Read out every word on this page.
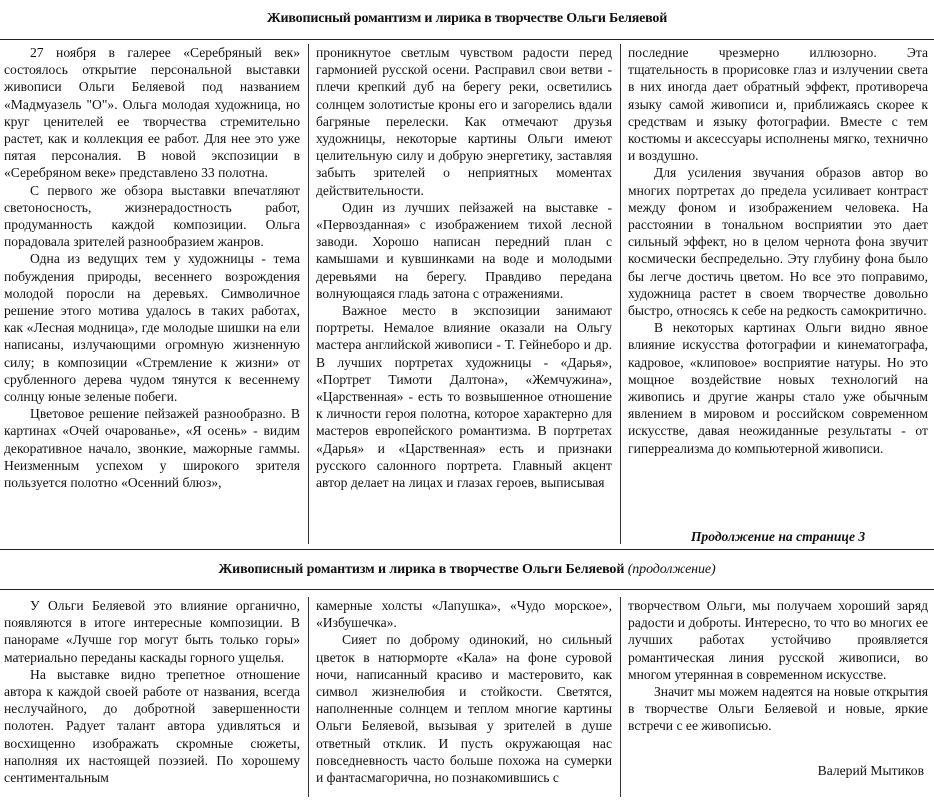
Живописный романтизм и лирика в творчестве Ольги Беляевой

27 ноября в галерее «Серебряный век» состоялось открытие персональной выставки живописи Ольги Беляевой под названием «Мадмуазель "О"». Ольга молодая художница, но круг ценителей ее творчества стремительно растет, как и коллекция ее работ. Для нее это уже пятая персоналия. В новой экспозиции в «Серебряном веке» представлено 33 полотна.

С первого же обзора выставки впечатляют светоносность, жизнерадостность работ, продуманность каждой композиции. Ольга порадовала зрителей разнообразием жанров.

Одна из ведущих тем у художницы - тема побуждения природы, весеннего возрождения молодой поросли на деревьях. Символичное решение этого мотива удалось в таких работах, как «Лесная модница», где молодые шишки на ели написаны, излучающими огромную жизненную силу; в композиции «Стремление к жизни» от срубленного дерева чудом тянутся к весеннему солнцу юные зеленые побеги.

Цветовое решение пейзажей разнообразно. В картинах «Очей очарованье», «Я осень» - видим декоративное начало, звонкие, мажорные гаммы. Неизменным успехом у широкого зрителя пользуется полотно «Осенний блюз»,

проникнутое светлым чувством радости перед гармонией русской осени. Расправил свои ветви - плечи крепкий дуб на берегу реки, осветились солнцем золотистые кроны его и загорелись вдали багряные перелески. Как отмечают друзья художницы, некоторые картины Ольги имеют целительную силу и добрую энергетику, заставляя забыть зрителей о неприятных моментах действительности.

Один из лучших пейзажей на выставке - «Первозданная» с изображением тихой лесной заводи. Хорошо написан передний план с камышами и кувшинками на воде и молодыми деревьями на берегу. Правдиво передана волнующаяся гладь затона с отражениями.

Важное место в экспозиции занимают портреты. Немалое влияние оказали на Ольгу мастера английской живописи - Т. Гейнеборо и др. В лучших портретах художницы - «Дарья», «Портрет Тимоти Далтона», «Жемчужина», «Царственная» - есть то возвышенное отношение к личности героя полотна, которое характерно для мастеров европейского романтизма. В портретах «Дарья» и «Царственная» есть и признаки русского салонного портрета. Главный акцент автор делает на лицах и глазах героев, выписывая

последние чрезмерно иллюзорно. Эта тщательность в прорисовке глаз и излучении света в них иногда дает обратный эффект, противореча языку самой живописи и, приближаясь скорее к средствам и языку фотографии. Вместе с тем костюмы и аксессуары исполнены мягко, технично и воздушно.

Для усиления звучания образов автор во многих портретах до предела усиливает контраст между фоном и изображением человека. На расстоянии в тональном восприятии это дает сильный эффект, но в целом чернота фона звучит космически беспредельно. Эту глубину фона было бы легче достичь цветом. Но все это поправимо, художница растет в своем творчестве довольно быстро, относясь к себе на редкость самокритично.

В некоторых картинах Ольги видно явное влияние искусства фотографии и кинематографа, кадровое, «клиповое» восприятие натуры. Но это мощное воздействие новых технологий на живопись и другие жанры стало уже обычным явлением в мировом и российском современном искусстве, давая неожиданные результаты - от гиперреализма до компьютерной живописи.

Продолжение на странице 3
Живописный романтизм и лирика в творчестве Ольги Беляевой (продолжение)

У Ольги Беляевой это влияние органично, появляются в итоге интересные композиции. В панораме «Лучше гор могут быть только горы» материально переданы каскады горного ущелья.

На выставке видно трепетное отношение автора к каждой своей работе от названия, всегда неслучайного, до добротной завершенности полотен. Радует талант автора удивляться и восхищенно изображать скромные сюжеты, наполняя их настоящей поэзией. По хорошему сентиментальным

камерные холсты «Лапушка», «Чудо морское», «Избушечка».

Сияет по доброму одинокий, но сильный цветок в натюрморте «Кала» на фоне суровой ночи, написанный красиво и мастеровито, как символ жизнелюбия и стойкости. Светятся, наполненные солнцем и теплом многие картины Ольги Беляевой, вызывая у зрителей в душе ответный отклик. И пусть окружающая нас повседневность часто больше похожа на сумерки и фантасмагорична, но познакомившись с

творчеством Ольги, мы получаем хороший заряд радости и доброты. Интересно, то что во многих ее лучших работах устойчиво проявляется романтическая линия русской живописи, во многом утерянная в современном искусстве.

Значит мы можем надеятся на новые открытия в творчестве Ольги Беляевой и новые, яркие встречи с ее живописью.

Валерий Мытиков
